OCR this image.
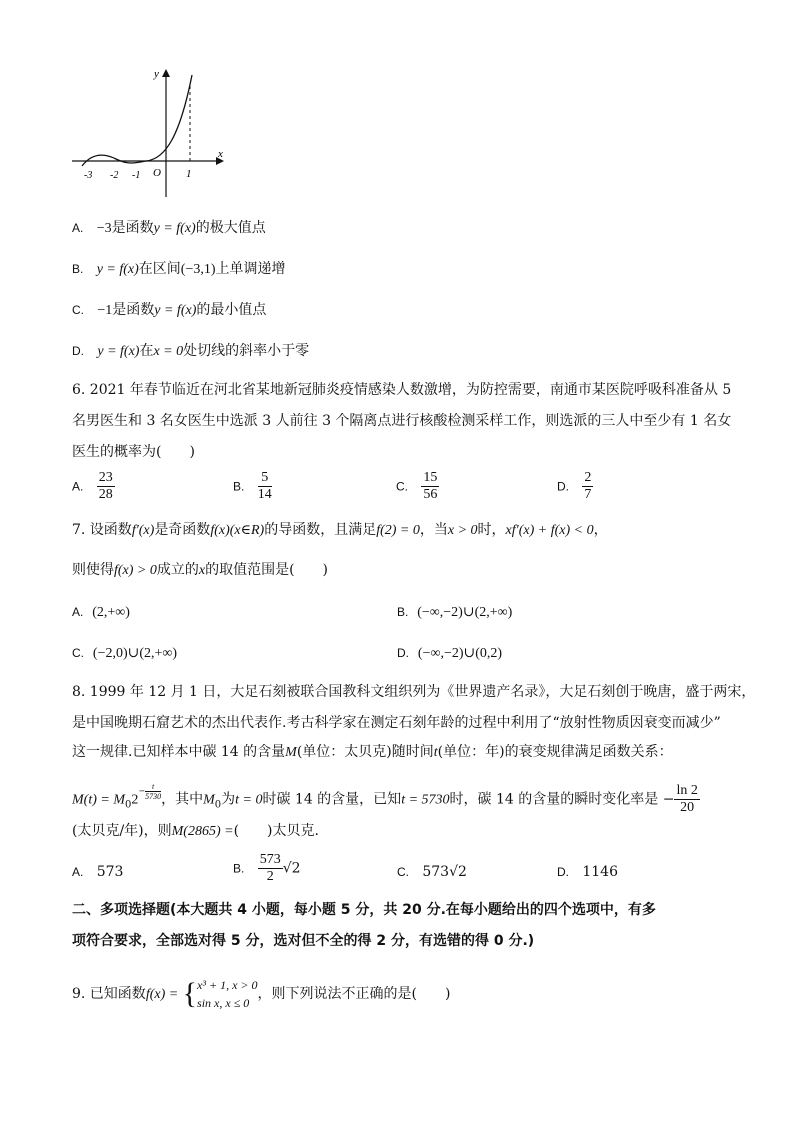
y
x
-3 -2 -1 O 1
A. −3是函数y = f(x)的极大值点
B. y = f(x)在区间(−3,1)上单调递增
C. −1是函数y = f(x)的最小值点
D. y = f(x)在x = 0处切线的斜率小于零
6. 2021 年春节临近在河北省某地新冠肺炎疫情感染人数激增，为防控需要，南通市某医院呼吸科准备从 5
名男医生和 3 名女医生中选派 3 人前往 3 个隔离点进行核酸检测采样工作，则选派的三人中至少有 1 名女
医生的概率为(　　)
A. $\frac{23}{28}$	B. $\frac{5}{14}$	C. $\frac{15}{56}$	D. $\frac{2}{7}$
7. 设函数f′(x)是奇函数f(x)(x∈R)的导函数，且满足f(2) = 0，当x > 0时，xf′(x) + f(x) < 0，
则使得f(x) > 0成立的x的取值范围是(　　)
A. (2,+∞)	B. (−∞,−2)∪(2,+∞)
C. (−2,0)∪(2,+∞)	D. (−∞,−2)∪(0,2)
8. 1999 年 12 月 1 日，大足石刻被联合国教科文组织列为《世界遗产名录》，大足石刻创于晚唐，盛于两宋，
是中国晚期石窟艺术的杰出代表作.考古科学家在测定石刻年龄的过程中利用了“放射性物质因衰变而减少”
这一规律.已知样本中碳 14 的含量M(单位：太贝克)随时间t(单位：年)的衰变规律满足函数关系：
$M(t) = M_02- \frac{t}{5730}$ ，其中$M_0$为t = 0时碳 14 的含量，已知t = 5730时，碳 14 的含量的瞬时变化率是 − $\frac{\ln 2}{20}$
(太贝克/年)，则M(2865) =(　　)太贝克.
A. 573	B. $\frac{573}{2} √2$	C. 573√2	D. 1146
二、多项选择题(本大题共 4 小题，每小题 5 分，共 20 分.在每小题给出的四个选项中，有多
项符合要求，全部选对得 5 分，选对但不全的得 2 分，有选错的得 0 分.)
9. 已知函数f(x) = { x³ + 1, x > 0
sin x, x ≤ 0
，则下列说法不正确的是(　　)
